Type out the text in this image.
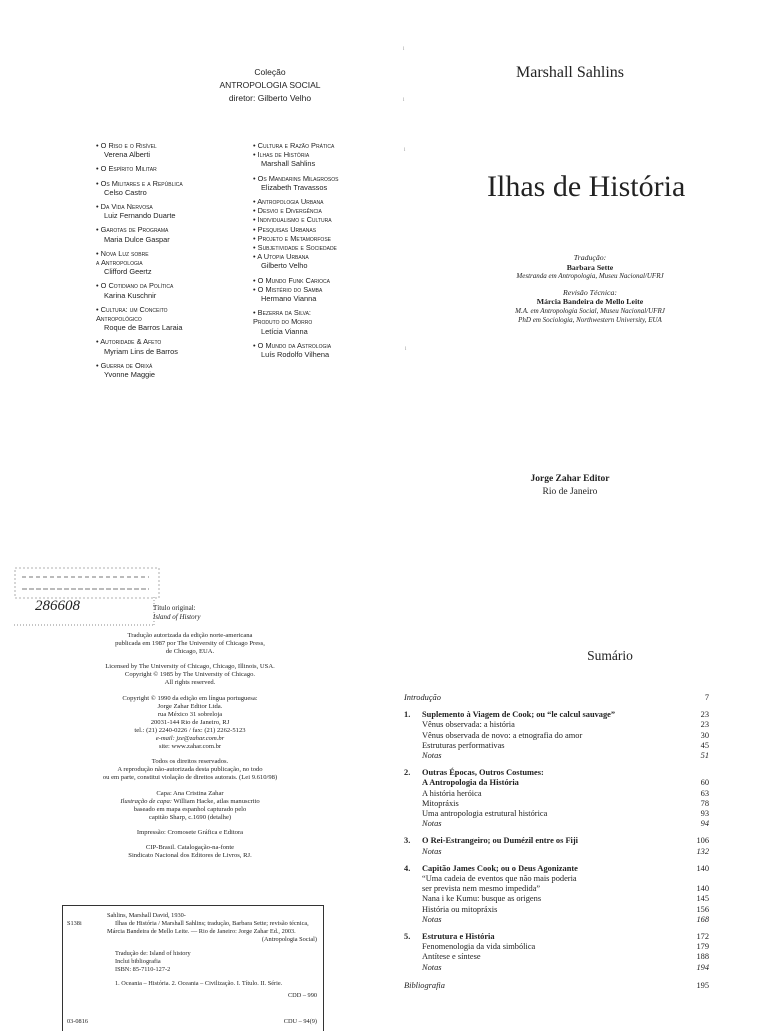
Coleção
ANTROPOLOGIA SOCIAL
diretor: Gilberto Velho
• O Riso e o Risível
Verena Alberti
• O Espírito Militar
• Os Militares e a República
Celso Castro
• Da Vida Nervosa
Luiz Fernando Duarte
• Garotas de Programa
Maria Dulce Gaspar
• Nova Luz sobre
a Antropologia
Clifford Geertz
• O Cotidiano da Política
Karina Kuschnir
• Cultura: um Conceito
Antropológico
Roque de Barros Laraia
• Autoridade & Afeto
Myriam Lins de Barros
• Guerra de Orixá
Yvonne Maggie
• Cultura e Razão Prática
• Ilhas de História
Marshall Sahlins
• Os Mandarins Milagrosos
Elizabeth Travassos
• Antropologia Urbana
• Desvio e Divergência
• Individualismo e Cultura
• Pesquisas Urbanas
• Projeto e Metamorfose
• Subjetividade e Sociedade
• A Utopia Urbana
Gilberto Velho
• O Mundo Funk Carioca
• O Mistério do Samba
Hermano Vianna
• Bezerra da Silva:
Produto do Morro
Letícia Vianna
• O Mundo da Astrologia
Luís Rodolfo Vilhena
Marshall Sahlins
Ilhas de História
Tradução:
Barbara Sette
Mestranda em Antropologia, Museu Nacional/UFRJ
Revisão Técnica:
Márcia Bandeira de Mello Leite
M.A. em Antropologia Social, Museu Nacional/UFRJ
PhD em Sociologia, Northwestern University, EUA
Jorge Zahar Editor
Rio de Janeiro
ˡ
ˡ
ˡ
ˡ
286608	Título original:
Island of History
Tradução autorizada da edição norte-americana
publicada em 1987 por The University of Chicago Press,
de Chicago, EUA.
Licensed by The University of Chicago, Chicago, Illinois, USA.
Copyright © 1985 by The University of Chicago.
All rights reserved.
Copyright © 1990 da edição em língua portuguesa:
Jorge Zahar Editor Ltda.
rua México 31 sobreloja
20031-144 Rio de Janeiro, RJ
tel.: (21) 2240-0226 / fax: (21) 2262-5123
e-mail: jze@zahar.com.br
site: www.zahar.com.br
Todos os direitos reservados.
A reprodução não-autorizada desta publicação, no todo
ou em parte, constitui violação de direitos autorais. (Lei 9.610/98)
Capa: Ana Cristina Zahar
Ilustração de capa: William Hacke, atlas manuscrito
baseado em mapa espanhol capturado pelo
capitão Sharp, c.1690 (detalhe)
Impressão: Cromosete Gráfica e Editora
CIP-Brasil. Catalogação-na-fonte
Sindicato Nacional dos Editores de Livros, RJ.
S138i
Sahlins, Marshall David, 1930-
Ilhas de História / Marshall Sahlins; tradução, Barbara Sette; revisão técnica, Márcia Bandeira de Mello Leite. — Rio de Janeiro: Jorge Zahar Ed., 2003.
(Antropologia Social)
Tradução de: Island of history
Inclui bibliografia
ISBN: 85-7110-127-2
1. Oceania – História. 2. Oceania – Civilização. I. Título. II. Série.
CDD – 990
03-0816	CDU – 94(9)
Sumário
Introdução	7
1. Suplemento à Viagem de Cook; ou “le calcul sauvage”	23
Vênus observada: a história	23
Vênus observada de novo: a etnografia do amor	30
Estruturas performativas	45
Notas	51
2. Outras Épocas, Outros Costumes:
A Antropologia da História	60
A história heróica	63
Mitopráxis	78
Uma antropologia estrutural histórica	93
Notas	94
3. O Rei-Estrangeiro; ou Dumézil entre os Fiji	106
Notas	132
4. Capitão James Cook; ou o Deus Agonizante	140
“Uma cadeia de eventos que não mais poderia
ser prevista nem mesmo impedida”	140
Nana i ke Kumu: busque as origens	145
História ou mitopráxis	156
Notas	168
5. Estrutura e História	172
Fenomenologia da vida simbólica	179
Antítese e síntese	188
Notas	194
Bibliografia	195
